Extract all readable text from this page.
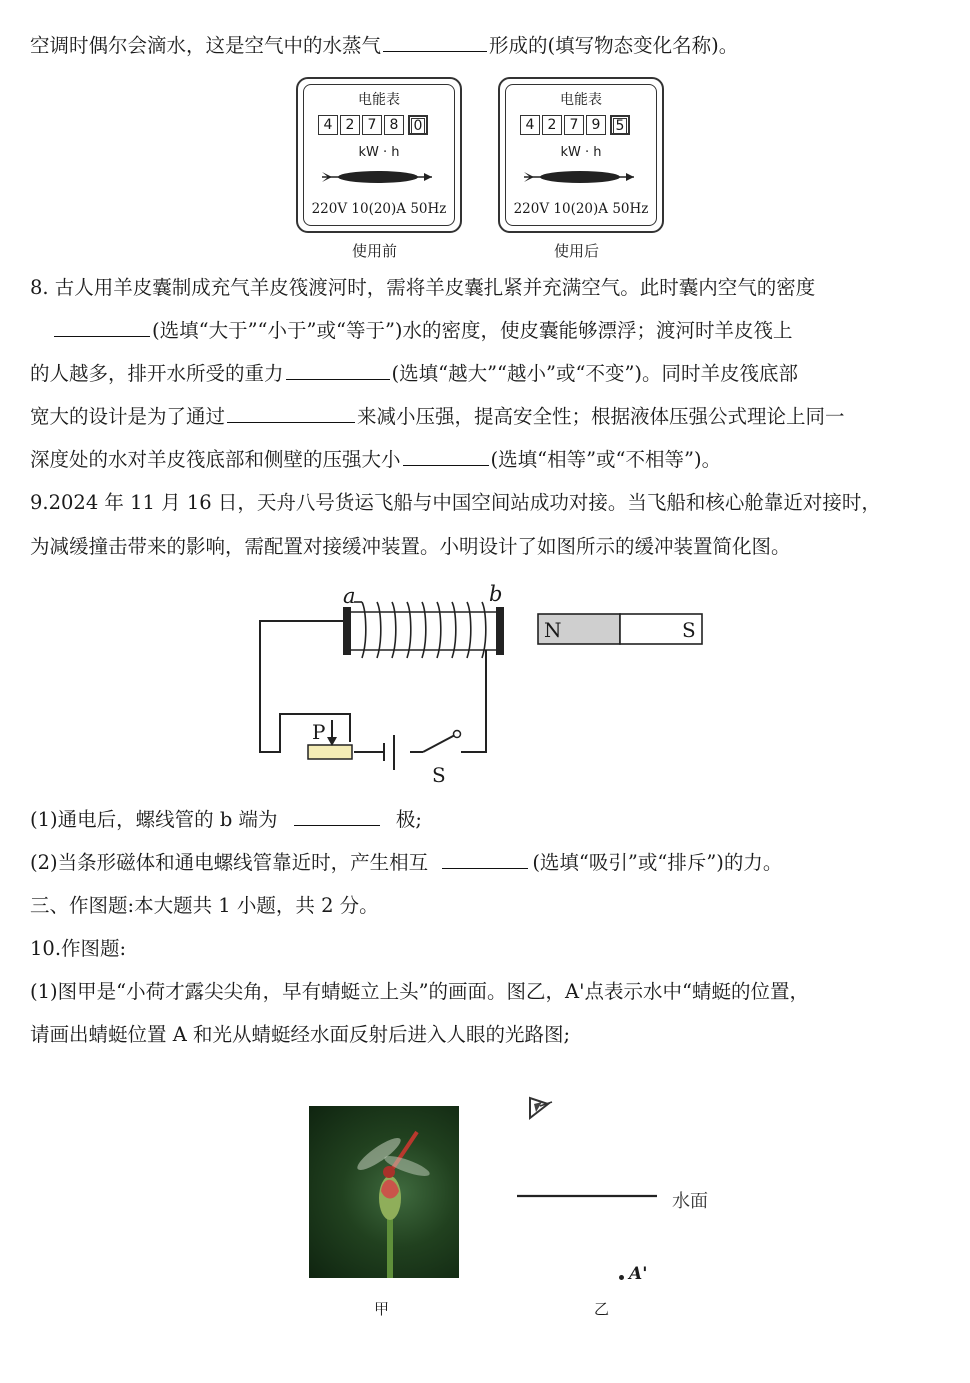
空调时偶尔会滴水，这是空气中的水蒸气	形成的(填写物态变化名称)。
电能表
4 2 7 8	0
kW · h
220V 10(20)A 50Hz
使用前
电能表
4 2 7 9	5
kW · h
220V 10(20)A 50Hz
使用后
8. 古人用羊皮囊制成充气羊皮筏渡河时，需将羊皮囊扎紧并充满空气。此时囊内空气的密度
(选填“大于”“小于”或“等于”)水的密度，使皮囊能够漂浮；渡河时羊皮筏上
的人越多，排开水所受的重力	(选填“越大”“越小”或“不变”)。同时羊皮筏底部
宽大的设计是为了通过	来减小压强，提高安全性；根据液体压强公式理论上同一
深度处的水对羊皮筏底部和侧壁的压强大小	(选填“相等”或“不相等”)。
9.2024 年 11 月 16 日，天舟八号货运飞船与中国空间站成功对接。当飞船和核心舱靠近对接时，
为减缓撞击带来的影响，需配置对接缓冲装置。小明设计了如图所示的缓冲装置简化图。
a	b
P
S
N	S
(1)通电后，螺线管的 b 端为	极;
(2)当条形磁体和通电螺线管靠近时，产生相互	(选填“吸引”或“排斥”)的力。
三、作图题:本大题共 1 小题，共 2 分。
10.作图题:
(1)图甲是“小荷才露尖尖角，早有蜻蜓立上头”的画面。图乙，A'点表示水中“蜻蜓的位置，
请画出蜻蜓位置 A 和光从蜻蜓经水面反射后进入人眼的光路图;
甲
水面
A'
乙
